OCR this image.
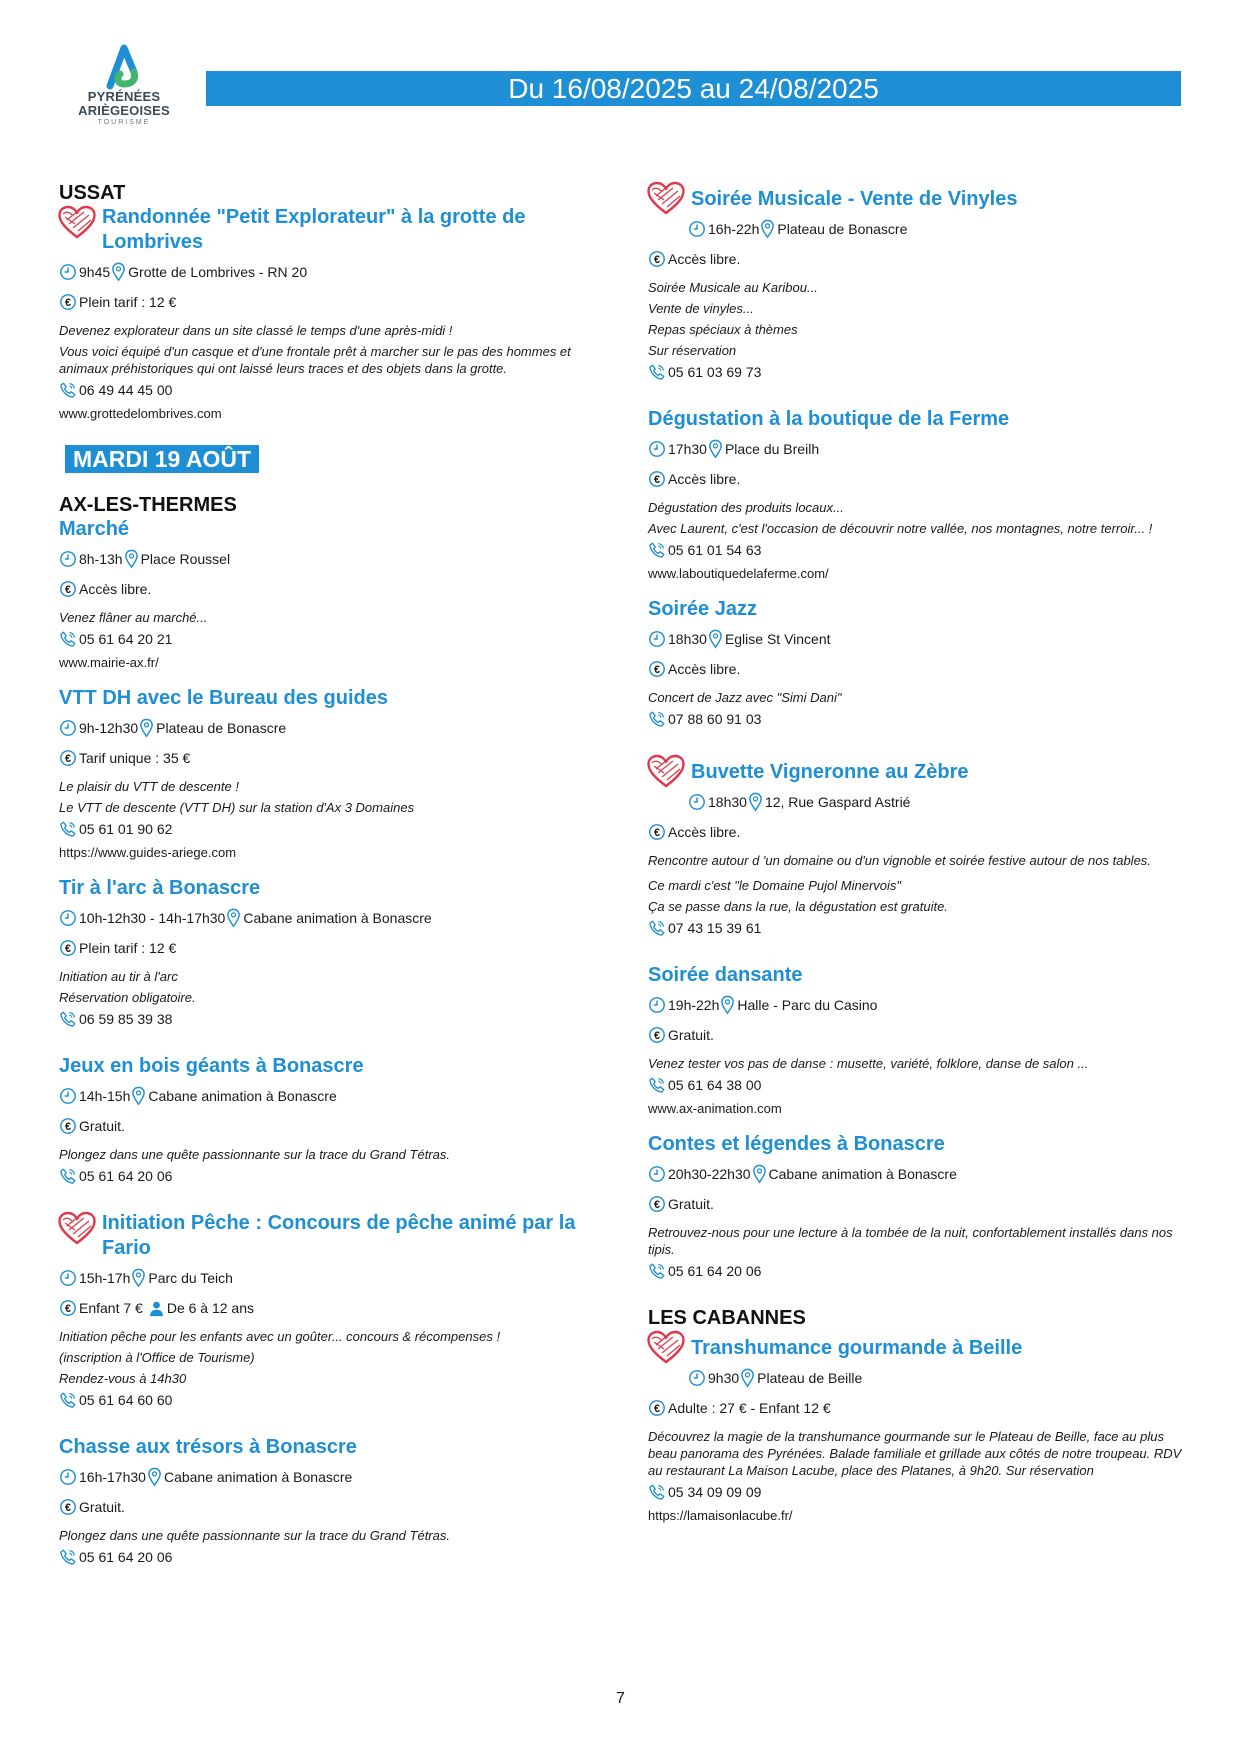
PYRÉNÉES
ARIÈGEOISES
TOURISME
Du 16/08/2025 au 24/08/2025
USSAT
Randonnée "Petit Explorateur" à la grotte de Lombrives
9h45 Grotte de Lombrives - RN 20
Plein tarif : 12 €
Devenez explorateur dans un site classé le temps d'une après-midi !
Vous voici équipé d'un casque et d'une frontale prêt à marcher sur le pas des hommes et animaux préhistoriques qui ont laissé leurs traces et des objets dans la grotte.
06 49 44 45 00
www.grottedelombrives.com
MARDI 19 AOÛT
AX-LES-THERMES
Marché
8h-13h Place Roussel
Accès libre.
Venez flâner au marché...
05 61 64 20 21
www.mairie-ax.fr/
VTT DH avec le Bureau des guides
9h-12h30 Plateau de Bonascre
Tarif unique : 35 €
Le plaisir du VTT de descente !
Le VTT de descente (VTT DH) sur la station d'Ax 3 Domaines
05 61 01 90 62
https://www.guides-ariege.com
Tir à l'arc à Bonascre
10h-12h30 - 14h-17h30 Cabane animation à Bonascre
Plein tarif : 12 €
Initiation au tir à l'arc
Réservation obligatoire.
06 59 85 39 38
Jeux en bois géants à Bonascre
14h-15h Cabane animation à Bonascre
Gratuit.
Plongez dans une quête passionnante sur la trace du Grand Tétras.
05 61 64 20 06
Initiation Pêche : Concours de pêche animé par la Fario
15h-17h Parc du Teich
Enfant 7 € De 6 à 12 ans
Initiation pêche pour les enfants avec un goûter... concours & récompenses !
(inscription à l'Office de Tourisme)
Rendez-vous à 14h30
05 61 64 60 60
Chasse aux trésors à Bonascre
16h-17h30 Cabane animation à Bonascre
Gratuit.
Plongez dans une quête passionnante sur la trace du Grand Tétras.
05 61 64 20 06
Soirée Musicale - Vente de Vinyles
16h-22h Plateau de Bonascre
Accès libre.
Soirée Musicale au Karibou...
Vente de vinyles...
Repas spéciaux à thèmes
Sur réservation
05 61 03 69 73
Dégustation à la boutique de la Ferme
17h30 Place du Breilh
Accès libre.
Dégustation des produits locaux...
Avec Laurent, c'est l'occasion de découvrir notre vallée, nos montagnes, notre terroir... !
05 61 01 54 63
www.laboutiquedelaferme.com/
Soirée Jazz
18h30 Eglise St Vincent
Accès libre.
Concert de Jazz avec "Simi Dani"
07 88 60 91 03
Buvette Vigneronne au Zèbre
18h30 12, Rue Gaspard Astrié
Accès libre.
Rencontre autour d 'un domaine ou d'un vignoble et soirée festive autour de nos tables.
Ce mardi c'est "le Domaine Pujol Minervois"
Ça se passe dans la rue, la dégustation est gratuite.
07 43 15 39 61
Soirée dansante
19h-22h Halle - Parc du Casino
Gratuit.
Venez tester vos pas de danse : musette, variété, folklore, danse de salon ...
05 61 64 38 00
www.ax-animation.com
Contes et légendes à Bonascre
20h30-22h30 Cabane animation à Bonascre
Gratuit.
Retrouvez-nous pour une lecture à la tombée de la nuit, confortablement installés dans nos tipis.
05 61 64 20 06
LES CABANNES
Transhumance gourmande à Beille
9h30 Plateau de Beille
Adulte : 27 € - Enfant 12 €
Découvrez la magie de la transhumance gourmande sur le Plateau de Beille, face au plus beau panorama des Pyrénées. Balade familiale et grillade aux côtés de notre troupeau. RDV au restaurant La Maison Lacube, place des Platanes, à 9h20. Sur réservation
05 34 09 09 09
https://lamaisonlacube.fr/
7
